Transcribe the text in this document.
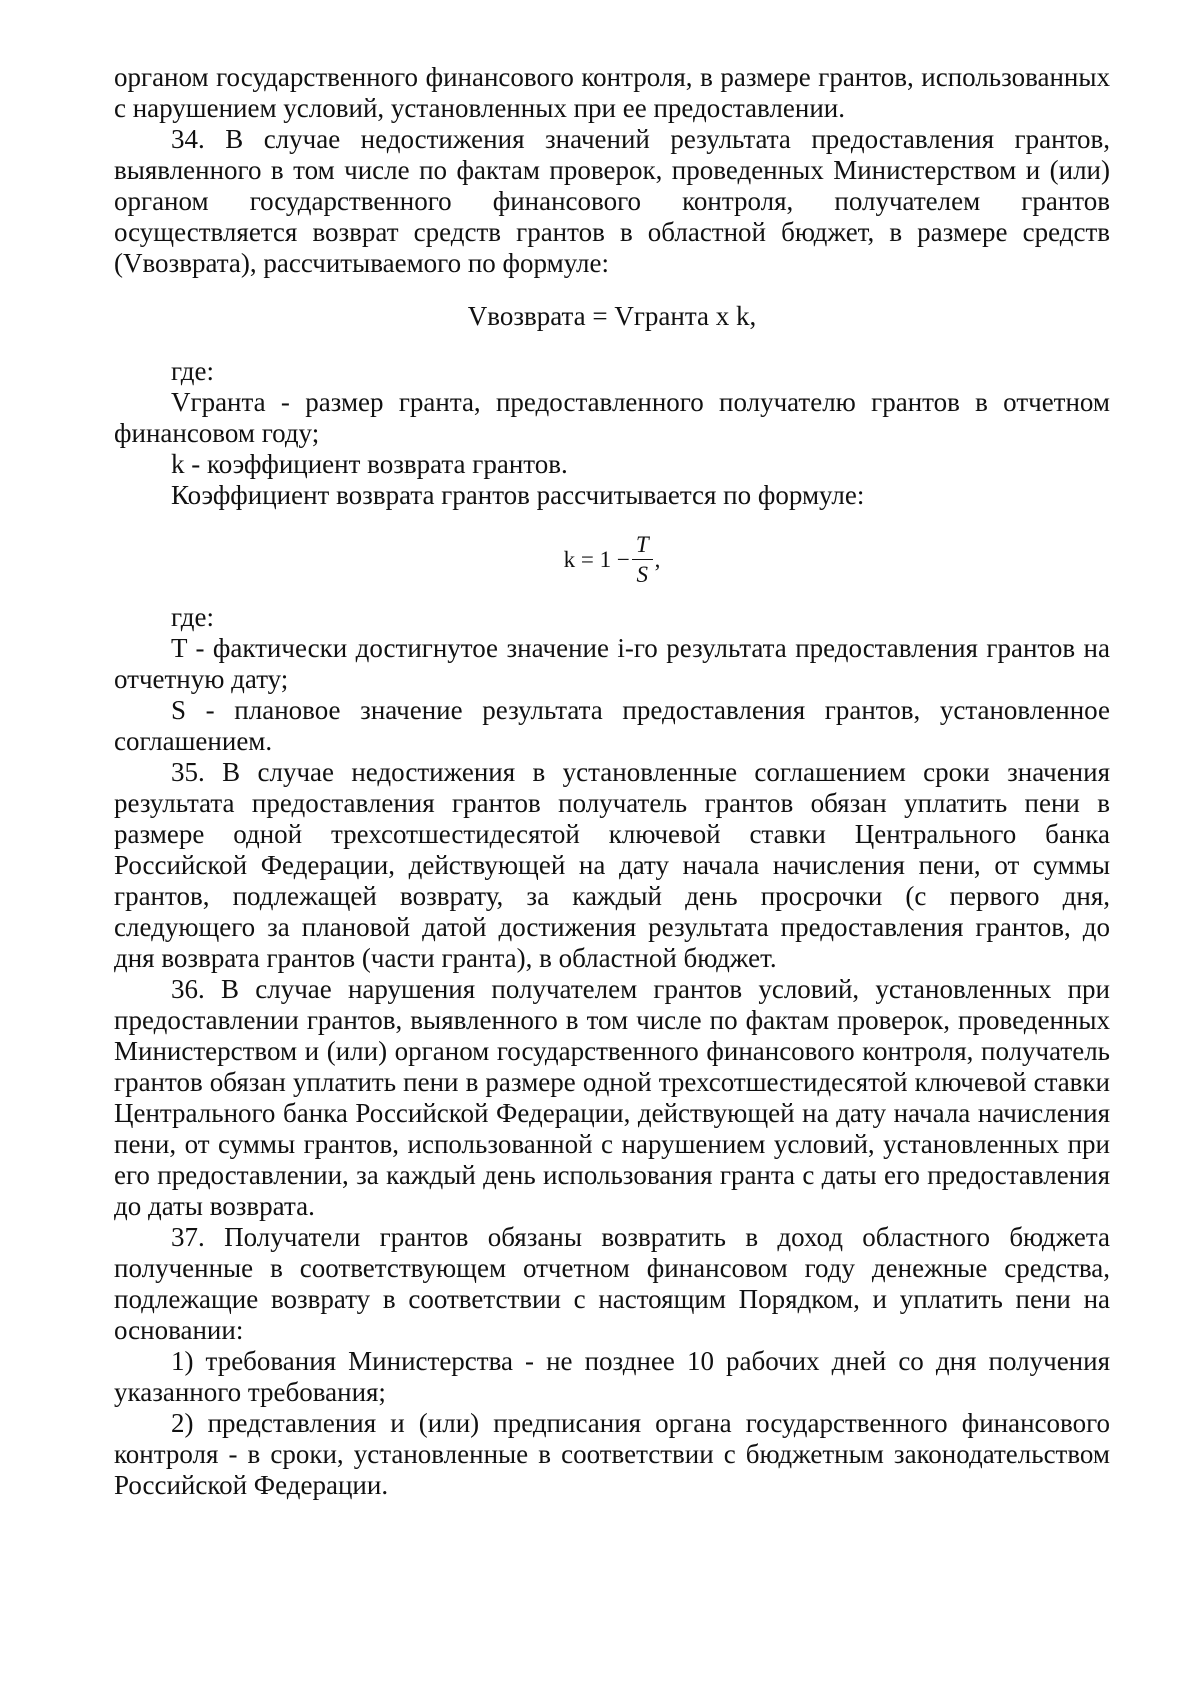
органом государственного финансового контроля, в размере грантов, использованных с нарушением условий, установленных при ее предоставлении.

34. В случае недостижения значений результата предоставления грантов, выявленного в том числе по фактам проверок, проведенных Министерством и (или) органом государственного финансового контроля, получателем грантов осуществляется возврат средств грантов в областной бюджет, в размере средств (Vвозврата), рассчитываемого по формуле:

Vвозврата = Vгранта x k,

где:

Vгранта - размер гранта, предоставленного получателю грантов в отчетном финансовом году;

k - коэффициент возврата грантов.

Коэффициент возврата грантов рассчитывается по формуле:

$k = 1 - \frac{T}{S}$ ,

где:

T - фактически достигнутое значение i-го результата предоставления грантов на отчетную дату;

S - плановое значение результата предоставления грантов, установленное соглашением.

35. В случае недостижения в установленные соглашением сроки значения результата предоставления грантов получатель грантов обязан уплатить пени в размере одной трехсотшестидесятой ключевой ставки Центрального банка Российской Федерации, действующей на дату начала начисления пени, от суммы грантов, подлежащей возврату, за каждый день просрочки (с первого дня, следующего за плановой датой достижения результата предоставления грантов, до дня возврата грантов (части гранта), в областной бюджет.

36. В случае нарушения получателем грантов условий, установленных при предоставлении грантов, выявленного в том числе по фактам проверок, проведенных Министерством и (или) органом государственного финансового контроля, получатель грантов обязан уплатить пени в размере одной трехсотшестидесятой ключевой ставки Центрального банка Российской Федерации, действующей на дату начала начисления пени, от суммы грантов, использованной с нарушением условий, установленных при его предоставлении, за каждый день использования гранта с даты его предоставления до даты возврата.

37. Получатели грантов обязаны возвратить в доход областного бюджета полученные в соответствующем отчетном финансовом году денежные средства, подлежащие возврату в соответствии с настоящим Порядком, и уплатить пени на основании:

1) требования Министерства - не позднее 10 рабочих дней со дня получения указанного требования;

2) представления и (или) предписания органа государственного финансового контроля - в сроки, установленные в соответствии с бюджетным законодательством Российской Федерации.
